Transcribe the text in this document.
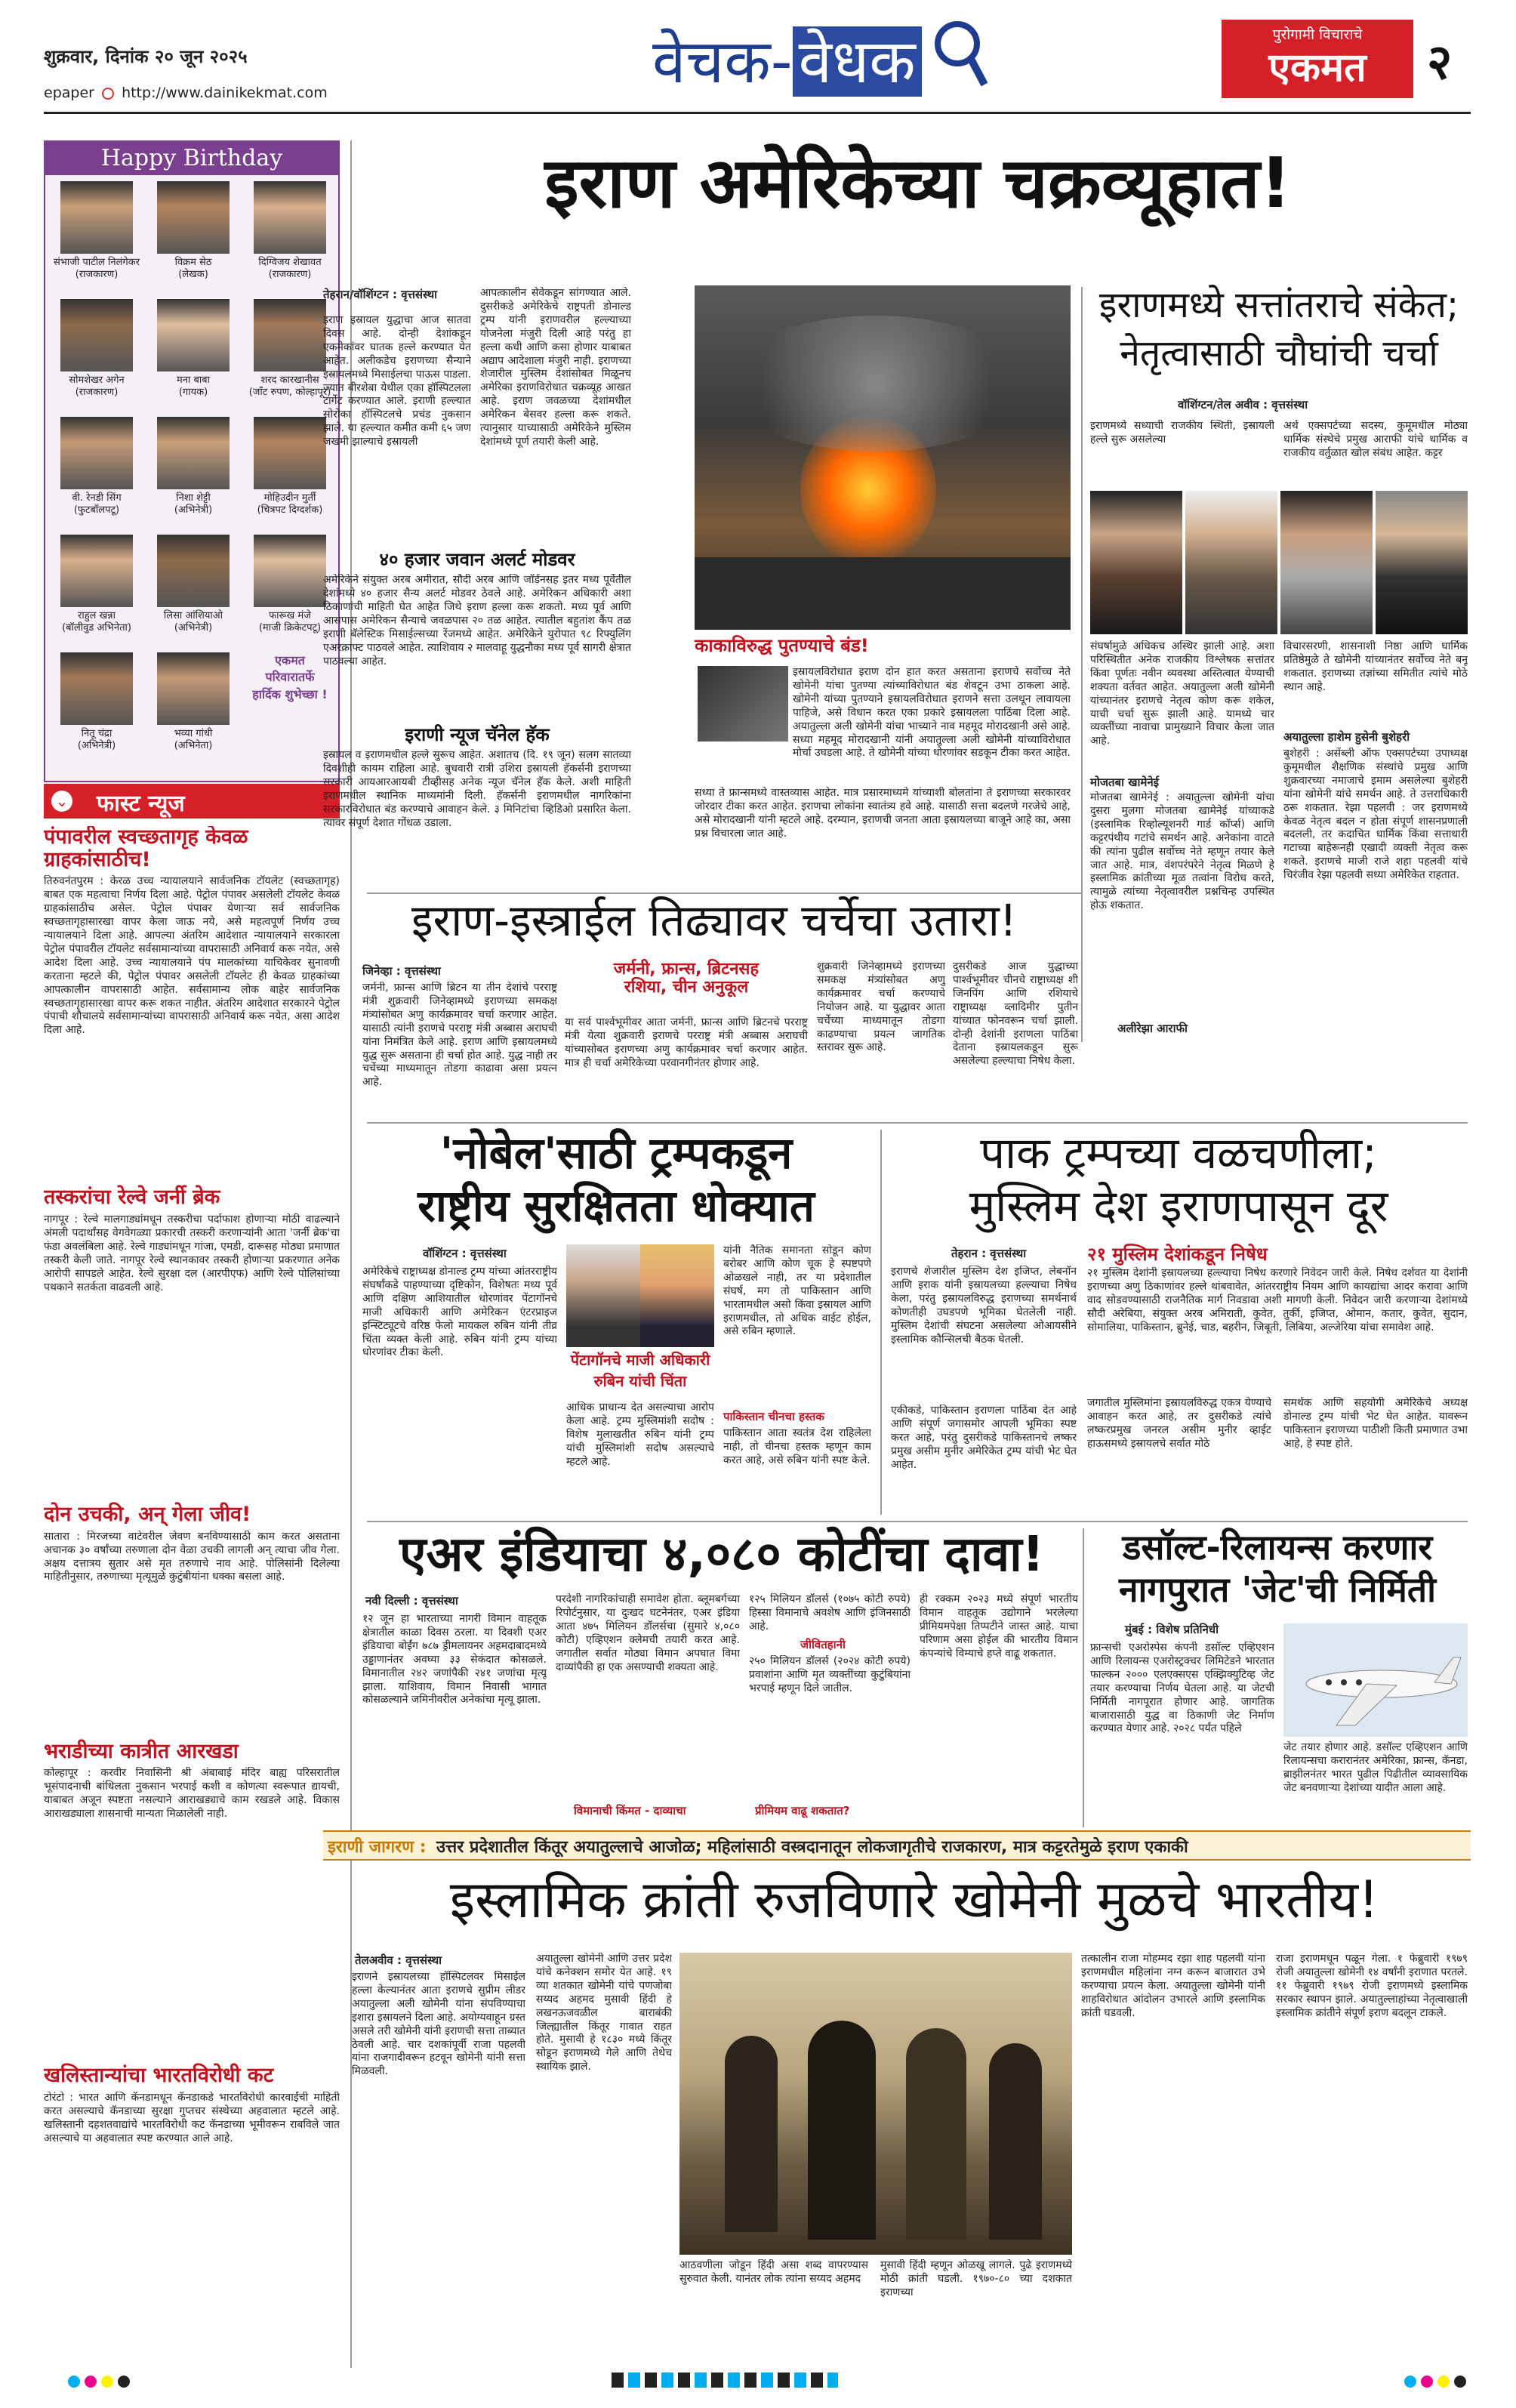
शुक्रवार, दिनांक २० जून २०२५
epaper http://www.dainikekmat.com	वेचक- वेधक	पुरोगामी विचाराचे
एकमत	२
Happy Birthday
संभाजी पाटील निलंगेकर
(राजकारण)
विक्रम सेठ
(लेखक)
दिग्विजय शेखावत
(राजकारण)
सोमशेखर अगेन
(राजकारण)
मना बाबा
(गायक)
शरद कारखानीस
(जॉंट रुपण, कोल्हापूर)
वी. रेनडी सिंग
(फुटबॉलपटू)
निशा शेट्टी
(अभिनेत्री)
मोहिउदीन मुर्ती
(चित्रपट दिग्दर्शक)
राहुल खन्ना
(बॉलीवुड अभिनेता)
लिसा आंशियाओ
(अभिनेत्री)
फारूख मंजे
(माजी क्रिकेटपटू)
नितू चंद्रा
(अभिनेत्री)
भव्या गांधी
(अभिनेता)
एकमत
परिवारातर्फे
हार्दिक शुभेच्छा !
⌄ फास्ट न्यूज
पंपावरील स्वच्छतागृह केवळ ग्राहकांसाठीच!
तिरुवनंतपुरम : केरळ उच्च न्यायालयाने सार्वजनिक टॉयलेट (स्वच्छतागृह) बाबत एक महत्वाचा निर्णय दिला आहे. पेट्रोल पंपावर असलेली टॉयलेट केवळ ग्राहकांसाठीच असेल. पेट्रोल पंपावर येणाऱ्या सर्व सार्वजनिक स्वच्छतागृहासारखा वापर केला जाऊ नये, असे महत्वपूर्ण निर्णय उच्च न्यायालयाने दिला आहे. आपल्या अंतरिम आदेशात न्यायालयाने सरकारला पेट्रोल पंपावरील टॉयलेट सर्वसामान्यांच्या वापरासाठी अनिवार्य करू नयेत, असे आदेश दिला आहे. उच्च न्यायालयाने पंप मालकांच्या याचिकेवर सुनावणी करताना म्हटले की, पेट्रोल पंपावर असलेली टॉयलेट ही केवळ ग्राहकांच्या आपत्कालीन वापरासाठी आहेत. सर्वसामान्य लोक बाहेर सार्वजनिक स्वच्छतागृहासारखा वापर करू शकत नाहीत. अंतरिम आदेशात सरकारने पेट्रोल पंपाची शौचालये सर्वसामान्यांच्या वापरासाठी अनिवार्य करू नयेत, असा आदेश दिला आहे.
तस्करांचा रेल्वे जर्नी ब्रेक
नागपूर : रेल्वे मालगाड्यांमधून तस्करीचा पर्दाफाश होणाऱ्या मोठी वाढल्याने अंमली पदार्थांसह वेगवेगळ्या प्रकारची तस्करी करणाऱ्यांनी आता 'जर्नी ब्रेक'चा फंडा अवलंबिला आहे. रेल्वे गाड्यांमधून गांजा, एमडी, दारूसह मोठ्या प्रमाणात तस्करी केली जाते. नागपूर रेल्वे स्थानकावर तस्करी होणाऱ्या प्रकरणात अनेक आरोपी सापडले आहेत. रेल्वे सुरक्षा दल (आरपीएफ) आणि रेल्वे पोलिसांच्या पथकाने सतर्कता वाढवली आहे.
दोन उचकी, अन् गेला जीव!
सातारा : मिरजच्या वाटेवरील जेवण बनविण्यासाठी काम करत असताना अचानक ३० वर्षांच्या तरुणाला दोन वेळा उचकी लागली अन् त्याचा जीव गेला. अक्षय दत्तात्रय सुतार असे मृत तरुणाचे नाव आहे. पोलिसांनी दिलेल्या माहितीनुसार, तरुणाच्या मृत्यूमुळे कुटुंबीयांना धक्का बसला आहे.
भराडीच्या कात्रीत आरखडा
कोल्हापूर : करवीर निवासिनी श्री अंबाबाई मंदिर बाह्य परिसरातील भूसंपादनाची बांधिलता नुकसान भरपाई कशी व कोणत्या स्वरूपात द्यायची, याबाबत अजून स्पष्टता नसल्याने आराखड्याचे काम रखडले आहे. विकास आराखड्याला शासनाची मान्यता मिळालेली नाही.
खलिस्तान्यांचा भारतविरोधी कट
टोरंटो : भारत आणि कॅनडामधून कॅनडाकडे भारतविरोधी कारवाईंची माहिती करत असल्याचे कॅनडाच्या सुरक्षा गुप्तचर संस्थेच्या अहवालात म्हटले आहे. खलिस्तानी दहशतवाद्यांचे भारतविरोधी कट कॅनडाच्या भूमीवरून राबविले जात असल्याचे या अहवालात स्पष्ट करण्यात आले आहे.
इराण अमेरिकेच्या चक्रव्यूहात!
तेहरान/वॉशिंग्टन : वृत्तसंस्था
इराण इस्रायल युद्धाचा आज सातवा दिवस आहे. दोन्ही देशांकडून एकमेकांवर घातक हल्ले करण्यात येत आहेत. अलीकडेच इराणच्या सैन्याने इस्रायलमध्ये मिसाईलचा पाऊस पाडला. ज्यात बीरशेबा येथील एका हॉस्पिटलला टार्गेट करण्यात आले. इराणी हल्ल्यात सोरोका हॉस्पिटलचे प्रचंड नुकसान झाले. या हल्ल्यात कमीत कमी ६५ जण जखमी झाल्याचे इस्रायली
आपत्कालीन सेवेकडून सांगण्यात आले. दुसरीकडे अमेरिकेचे राष्ट्रपती डोनाल्ड ट्रम्प यांनी इराणवरील हल्ल्याच्या योजनेला मंजुरी दिली आहे परंतु हा हल्ला कधी आणि कसा होणार याबाबत अद्याप आदेशाला मंजुरी नाही. इराणच्या शेजारील मुस्लिम देशांसोबत मिळूनच अमेरिका इराणविरोधात चक्रव्यूह आखत आहे. इराण जवळच्या देशांमधील अमेरिकन बेसवर हल्ला करू शकते. त्यानुसार याच्यासाठी अमेरिकेने मुस्लिम देशांमध्ये पूर्ण तयारी केली आहे.
४० हजार जवान अलर्ट मोडवर
अमेरिकेने संयुक्त अरब अमीरात, सौदी अरब आणि जॉर्डनसह इतर मध्य पूर्वेतील देशांमध्ये ४० हजार सैन्य अलर्ट मोडवर ठेवले आहे. अमेरिकन अधिकारी अशा ठिकाणांची माहिती घेत आहेत जिथे इराण हल्ला करू शकतो. मध्य पूर्व आणि आसपास अमेरिकन सैन्याचे जवळपास २० तळ आहेत. त्यातील बहुतांश कैंप तळ इराणी बॅलेस्टिक मिसाईल्सच्या रेंजमध्ये आहेत. अमेरिकेने युरोपात ९८ रिफ्युलिंग एअरक्राफ्ट पाठवले आहेत. त्याशिवाय २ मालवाहू युद्धनौका मध्य पूर्व सागरी क्षेत्रात पाठवल्या आहेत.
इराणी न्यूज चॅनेल हॅक
इस्रायल व इराणमधील हल्ले सुरूच आहेत. अशातच (दि. १९ जून) सलग सातव्या दिवशीही कायम राहिला आहे. बुधवारी रात्री उशिरा इस्रायली हॅकर्सनी इराणच्या सरकारी आयआरआयबी टीव्हीसह अनेक न्यूज चॅनेल हॅक केले. अशी माहिती इराणमधील स्थानिक माध्यमांनी दिली. हॅकर्सनी इराणमधील नागरिकांना सरकारविरोधात बंड करण्याचे आवाहन केले. ३ मिनिटांचा व्हिडिओ प्रसारित केला. त्यावर संपूर्ण देशात गोंधळ उडाला.
काकाविरुद्ध पुतण्याचे बंड!
इस्रायलविरोधात इराण दोन हात करत असताना इराणचे सर्वोच्च नेते खोमेनी यांचा पुतण्या त्यांच्याविरोधात बंड शेवटून उभा ठाकला आहे. खोमेनी यांच्या पुतण्याने इस्रायलविरोधात इराणने सत्ता उलथून लावायला पाहिजे, असे विधान करत एका प्रकारे इस्रायलला पाठिंबा दिला आहे. अयातुल्ला अली खोमेनी यांचा भाच्याने नाव महमूद मोरादखानी असे आहे. सध्या महमूद मोरादखानी यांनी अयातुल्ला अली खोमेनी यांच्याविरोधात मोर्चा उघडला आहे. ते खोमेनी यांच्या धोरणांवर सडकून टीका करत आहेत.
सध्या ते फ्रान्समध्ये वास्तव्यास आहेत. मात्र प्रसारमाध्यमे यांच्याशी बोलतांना ते इराणच्या सरकारवर जोरदार टीका करत आहेत. इराणचा लोकांना स्वातंत्र्य हवे आहे. यासाठी सत्ता बदलणे गरजेचे आहे, असे मोरादखानी यांनी म्हटले आहे. दरम्यान, इराणची जनता आता इस्रायलच्या बाजूने आहे का, असा प्रश्न विचारला जात आहे.
इराणमध्ये सत्तांतराचे संकेत;
नेतृत्वासाठी चौघांची चर्चा
वॉशिंग्टन/तेल अवीव : वृत्तसंस्था
इराणमध्ये सध्याची राजकीय स्थिती, इस्रायली हल्ले सुरू असलेल्या
अर्थ एक्सपर्टच्या सदस्य, कुमूमधील मोठ्या धार्मिक संस्थेचे प्रमुख आराफी यांचे धार्मिक व राजकीय वर्तुळात खोल संबंध आहेत. कट्टर
संघर्षामुळे अधिकच अस्थिर झाली आहे. अशा परिस्थितीत अनेक राजकीय विश्लेषक सत्तांतर किंवा पूर्णतः नवीन व्यवस्था अस्तित्वात येण्याची शक्यता वर्तवत आहेत. अयातुल्ला अली खोमेनी यांच्यानंतर इराणचे नेतृत्व कोण करू शकेल, याची चर्चा सुरू झाली आहे. यामध्ये चार व्यक्तींच्या नावाचा प्रामुख्याने विचार केला जात आहे.
विचारसरणी, शासनाशी निष्ठा आणि धार्मिक प्रतिष्ठेमुळे ते खोमेनी यांच्यानंतर सर्वोच्च नेते बनू शकतात. इराणच्या तज्ञांच्या समितीत त्यांचे मोठे स्थान आहे.
अयातुल्ला हाशेम हुसेनी बुशेहरी
मोजतबा खामेनेई
मोजतबा खामेनेई : अयातुल्ला खोमेनी यांचा दुसरा मुलगा मोजतबा खामेनेई यांच्याकडे (इस्लामिक रिव्होल्यूशनरी गार्ड कॉर्प्स) आणि कट्टरपंथीय गटांचे समर्थन आहे. अनेकांना वाटते की त्यांना पुढील सर्वोच्च नेते म्हणून तयार केले जात आहे. मात्र, वंशपरंपरेने नेतृत्व मिळणे हे इस्लामिक क्रांतीच्या मूळ तत्वांना विरोध करते, त्यामुळे त्यांच्या नेतृत्वावरील प्रश्नचिन्ह उपस्थित होऊ शकतात.
बुशेहरी : असेंब्ली ऑफ एक्सपर्टच्या उपाध्यक्ष कुमूमधील शैक्षणिक संस्थांचे प्रमुख आणि शुक्रवारच्या नमाजाचे इमाम असलेल्या बुशेहरी यांना खोमेनी यांचे समर्थन आहे. ते उत्तराधिकारी ठरू शकतात. रेझा पहलवी : जर इराणमध्ये केवळ नेतृत्व बदल न होता संपूर्ण शासनप्रणाली बदलली, तर कदाचित धार्मिक किंवा सत्ताधारी गटाच्या बाहेरूनही एखादी व्यक्ती नेतृत्व करू शकते. इराणचे माजी राजे शहा पहलवी यांचे चिरंजीव रेझा पहलवी सध्या अमेरिकेत राहतात.
अलीरेझा आराफी
इराण-इस्त्राईल तिढ्यावर चर्चेचा उतारा!
जिनेव्हा : वृत्तसंस्था
जर्मनी, फ्रान्स आणि ब्रिटन या तीन देशांचे परराष्ट्र मंत्री शुक्रवारी जिनेव्हामध्ये इराणच्या समकक्ष मंत्र्यांसोबत अणु कार्यक्रमावर चर्चा करणार आहेत. यासाठी त्यांनी इराणचे परराष्ट्र मंत्री अब्बास अराघची यांना निमंत्रित केले आहे. इराण आणि इस्रायलमध्ये युद्ध सुरू असताना ही चर्चा होत आहे. युद्ध नाही तर चर्चेच्या माध्यमातून तोडगा काढावा असा प्रयत्न आहे.
जर्मनी, फ्रान्स, ब्रिटनसह
रशिया, चीन अनुकूल
या सर्व पार्श्वभूमीवर आता जर्मनी, फ्रान्स आणि ब्रिटनचे परराष्ट्र मंत्री येत्या शुक्रवारी इराणचे परराष्ट्र मंत्री अब्बास अराघची यांच्यासोबत इराणच्या अणु कार्यक्रमावर चर्चा करणार आहेत. मात्र ही चर्चा अमेरिकेच्या परवानगीनंतर होणार आहे.
शुक्रवारी जिनेव्हामध्ये इराणच्या समकक्ष मंत्र्यांसोबत अणु कार्यक्रमावर चर्चा करण्याचे नियोजन आहे. या युद्धावर आता चर्चेच्या माध्यमातून तोडगा काढण्याचा प्रयत्न जागतिक स्तरावर सुरू आहे.
दुसरीकडे आज युद्धाच्या पार्श्वभूमीवर चीनचे राष्ट्राध्यक्ष शी जिनपिंग आणि रशियाचे राष्ट्राध्यक्ष व्लादिमीर पुतीन यांच्यात फोनवरून चर्चा झाली. दोन्ही देशांनी इराणला पाठिंबा देताना इस्रायलकडून सुरू असलेल्या हल्ल्याचा निषेध केला.
'नोबेल'साठी ट्रम्पकडून
राष्ट्रीय सुरक्षितता धोक्यात
वॉशिंग्टन : वृत्तसंस्था
अमेरिकेचे राष्ट्राध्यक्ष डोनाल्ड ट्रम्प यांच्या आंतरराष्ट्रीय संघर्षांकडे पाहण्याच्या दृष्टिकोन, विशेषतः मध्य पूर्व आणि दक्षिण आशियातील धोरणांवर पेंटागॉनचे माजी अधिकारी आणि अमेरिकन एंटरप्राइज इन्स्टिट्यूटचे वरिष्ठ फेलो मायकल रुबिन यांनी तीव्र चिंता व्यक्त केली आहे. रुबिन यांनी ट्रम्प यांच्या धोरणांवर टीका केली.	पेंटागॉनचे माजी अधिकारी
रुबिन यांची चिंता
आधिक प्राधान्य देत असल्याचा आरोप केला आहे. ट्रम्प मुस्लिमांशी सदोष : विशेष मुलाखतीत रुबिन यांनी ट्रम्प यांची मुस्लिमांशी सदोष असल्याचे म्हटले आहे.
यांनी नैतिक समानता सोडून कोण बरोबर आणि कोण चूक हे स्पष्टपणे ओळखले नाही, तर या प्रदेशातील संघर्ष, मग तो पाकिस्तान आणि भारतामधील असो किंवा इस्रायल आणि इराणमधील, तो अधिक वाईट होईल, असे रुबिन म्हणाले.
पाकिस्तान चीनचा हस्तक
पाकिस्तान आता स्वतंत्र देश राहिलेला नाही, तो चीनचा हस्तक म्हणून काम करत आहे, असे रुबिन यांनी स्पष्ट केले.
पाक ट्रम्पच्या वळचणीला;
मुस्लिम देश इराणपासून दूर
तेहरान : वृत्तसंस्था
इराणचे शेजारील मुस्लिम देश इजिप्त, लेबनॉन आणि इराक यांनी इस्रायलच्या हल्ल्याचा निषेध केला, परंतु इस्रायलविरुद्ध इराणच्या समर्थनार्थ कोणतीही उघडपणे भूमिका घेतलेली नाही. मुस्लिम देशांची संघटना असलेल्या ओआयसीने इस्लामिक कौन्सिलची बैठक घेतली.
एकीकडे, पाकिस्तान इराणला पाठिंबा देत आहे आणि संपूर्ण जगासमोर आपली भूमिका स्पष्ट करत आहे, परंतु दुसरीकडे पाकिस्तानचे लष्कर प्रमुख असीम मुनीर अमेरिकेत ट्रम्प यांची भेट घेत आहेत.
२१ मुस्लिम देशांकडून निषेध
२१ मुस्लिम देशांनी इस्रायलच्या हल्ल्याचा निषेध करणारे निवेदन जारी केले. निषेध दर्शवत या देशांनी इराणच्या अणु ठिकाणांवर हल्ले थांबवावेत, आंतरराष्ट्रीय नियम आणि कायद्यांचा आदर करावा आणि वाद सोडवण्यासाठी राजनैतिक मार्ग निवडावा अशी मागणी केली. निवेदन जारी करणाऱ्या देशांमध्ये सौदी अरेबिया, संयुक्त अरब अमिराती, कुवेत, तुर्की, इजिप्त, ओमान, कतार, कुवेत, सुदान, सोमालिया, पाकिस्तान, ब्रुनेई, चाड, बहरीन, जिबूती, लिबिया, अल्जेरिया यांचा समावेश आहे.
जगातील मुस्लिमांना इस्रायलविरुद्ध एकत्र येण्याचे आवाहन करत आहे, तर दुसरीकडे त्यांचे लष्करप्रमुख जनरल असीम मुनीर व्हाईट हाऊसमध्ये इस्रायलचे सर्वात मोठे
समर्थक आणि सहयोगी अमेरिकेचे अध्यक्ष डोनाल्ड ट्रम्प यांची भेट घेत आहेत. यावरून पाकिस्तान इराणच्या पाठीशी किती प्रमाणात उभा आहे, हे स्पष्ट होते.
एअर इंडियाचा ४,०८० कोटींचा दावा!
नवी दिल्ली : वृत्तसंस्था
१२ जून हा भारताच्या नागरी विमान वाहतूक क्षेत्रातील काळा दिवस ठरला. या दिवशी एअर इंडियाचा बोईंग ७८७ ड्रीमलायनर अहमदाबादमध्ये उड्डाणानंतर अवघ्या ३३ सेकंदात कोसळले. विमानातील २४२ जणांपैकी २४१ जणांचा मृत्यू झाला. याशिवाय, विमान निवासी भागात कोसळल्याने जमिनीवरील अनेकांचा मृत्यू झाला.
परदेशी नागरिकांचाही समावेश होता. ब्लूमबर्गच्या रिपोर्टनुसार, या दुःखद घटनेनंतर, एअर इंडिया आता ४७५ मिलियन डॉलर्सचा (सुमारे ४,०८० कोटी) एव्हिएशन क्लेमची तयारी करत आहे. जगातील सर्वात मोठ्या विमान अपघात विमा दाव्यांपैकी हा एक असण्याची शक्यता आहे.
विमानाची किंमत - दाव्याचा
१२५ मिलियन डॉलर्स (१०७५ कोटी रुपये) हिस्सा विमानाचे अवशेष आणि इंजिनसाठी आहे.
जीवितहानी
२५० मिलियन डॉलर्स (२०२४ कोटी रुपये) प्रवाशांना आणि मृत व्यक्तींच्या कुटुंबियांना भरपाई म्हणून दिले जातील.
प्रीमियम वाढू शकतात?
ही रक्कम २०२३ मध्ये संपूर्ण भारतीय विमान वाहतूक उद्योगाने भरलेल्या प्रीमियमपेक्षा तिप्पटीने जास्त आहे. याचा परिणाम असा होईल की भारतीय विमान कंपन्यांचे विम्याचे हप्ते वाढू शकतात.
डसॉल्ट-रिलायन्स करणार
नागपुरात 'जेट'ची निर्मिती
मुंबई : विशेष प्रतिनिधी
फ्रान्सची एअरोस्पेस कंपनी डसॉल्ट एव्हिएशन आणि रिलायन्स एअरोस्ट्रक्चर लिमिटेडने भारतात फाल्कन २००० एलएक्सएस एक्झिक्युटिव्ह जेट तयार करण्याचा निर्णय घेतला आहे. या जेटची निर्मिती नागपूरात होणार आहे. जागतिक बाजारासाठी युद्ध वा ठिकाणी जेट निर्माण करण्यात येणार आहे. २०२८ पर्यंत पहिले
जेट तयार होणार आहे. डसॉल्ट एव्हिएशन आणि रिलायन्सचा करारानंतर अमेरिका, फ्रान्स, कॅनडा, ब्राझीलनंतर भारत पुढील पिढीतील व्यावसायिक जेट बनवणाऱ्या देशांच्या यादीत आला आहे.
इराणी जागरण : उत्तर प्रदेशातील किंतूर अयातुल्लाचे आजोळ; महिलांसाठी वस्त्रदानातून लोकजागृतीचे राजकारण, मात्र कट्टरतेमुळे इराण एकाकी
इस्लामिक क्रांती रुजविणारे खोमेनी मुळचे भारतीय!
तेलअवीव : वृत्तसंस्था
इराणने इस्रायलच्या हॉस्पिटलवर मिसाईल हल्ला केल्यानंतर आता इराणचे सुप्रीम लीडर अयातुल्ला अली खोमेनी यांना संपविण्याचा इशारा इस्रायलने दिला आहे. अयोग्यवाहून ग्रस्त असले तरी खोमेनी यांनी इराणची सत्ता ताब्यात ठेवली आहे. चार दशकांपूर्वी राजा पहलवी यांना राजगादीवरून हटवून खोमेनी यांनी सत्ता मिळवली.
अयातुल्ला खोमेनी आणि उत्तर प्रदेश यांचे कनेक्शन समोर येत आहे. १९ व्या शतकात खोमेनी यांचे पणजोबा सय्यद अहमद मुसावी हिंदी हे लखनऊजवळील बाराबंकी जिल्ह्यातील किंतूर गावात राहत होते. मुसावी हे १८३० मध्ये किंतूर सोडून इराणमध्ये गेले आणि तेथेच स्थायिक झाले.
आठवणीला जोडून हिंदी असा शब्द वापरण्यास सुरुवात केली. यानंतर लोक त्यांना सय्यद अहमद
मुसावी हिंदी म्हणून ओळखू लागले. पुढे इराणमध्ये मोठी क्रांती घडली. १९७०-८० च्या दशकात इराणच्या
तत्कालीन राजा मोहम्मद रझा शाह पहलवी यांना इराणमधील महिलांना नग्न करून बाजारात उभे करण्याचा प्रयत्न केला. अयातुल्ला खोमेनी यांनी शाहविरोधात आंदोलन उभारले आणि इस्लामिक क्रांती घडवली.
राजा इराणमधून पळून गेला. १ फेब्रुवारी १९७९ रोजी अयातुल्ला खोमेनी १४ वर्षांनी इराणात परतले. ११ फेब्रुवारी १९७९ रोजी इराणमध्ये इस्लामिक सरकार स्थापन झाले. अयातुल्लाहांच्या नेतृत्वाखाली इस्लामिक क्रांतीने संपूर्ण इराण बदलून टाकले.
